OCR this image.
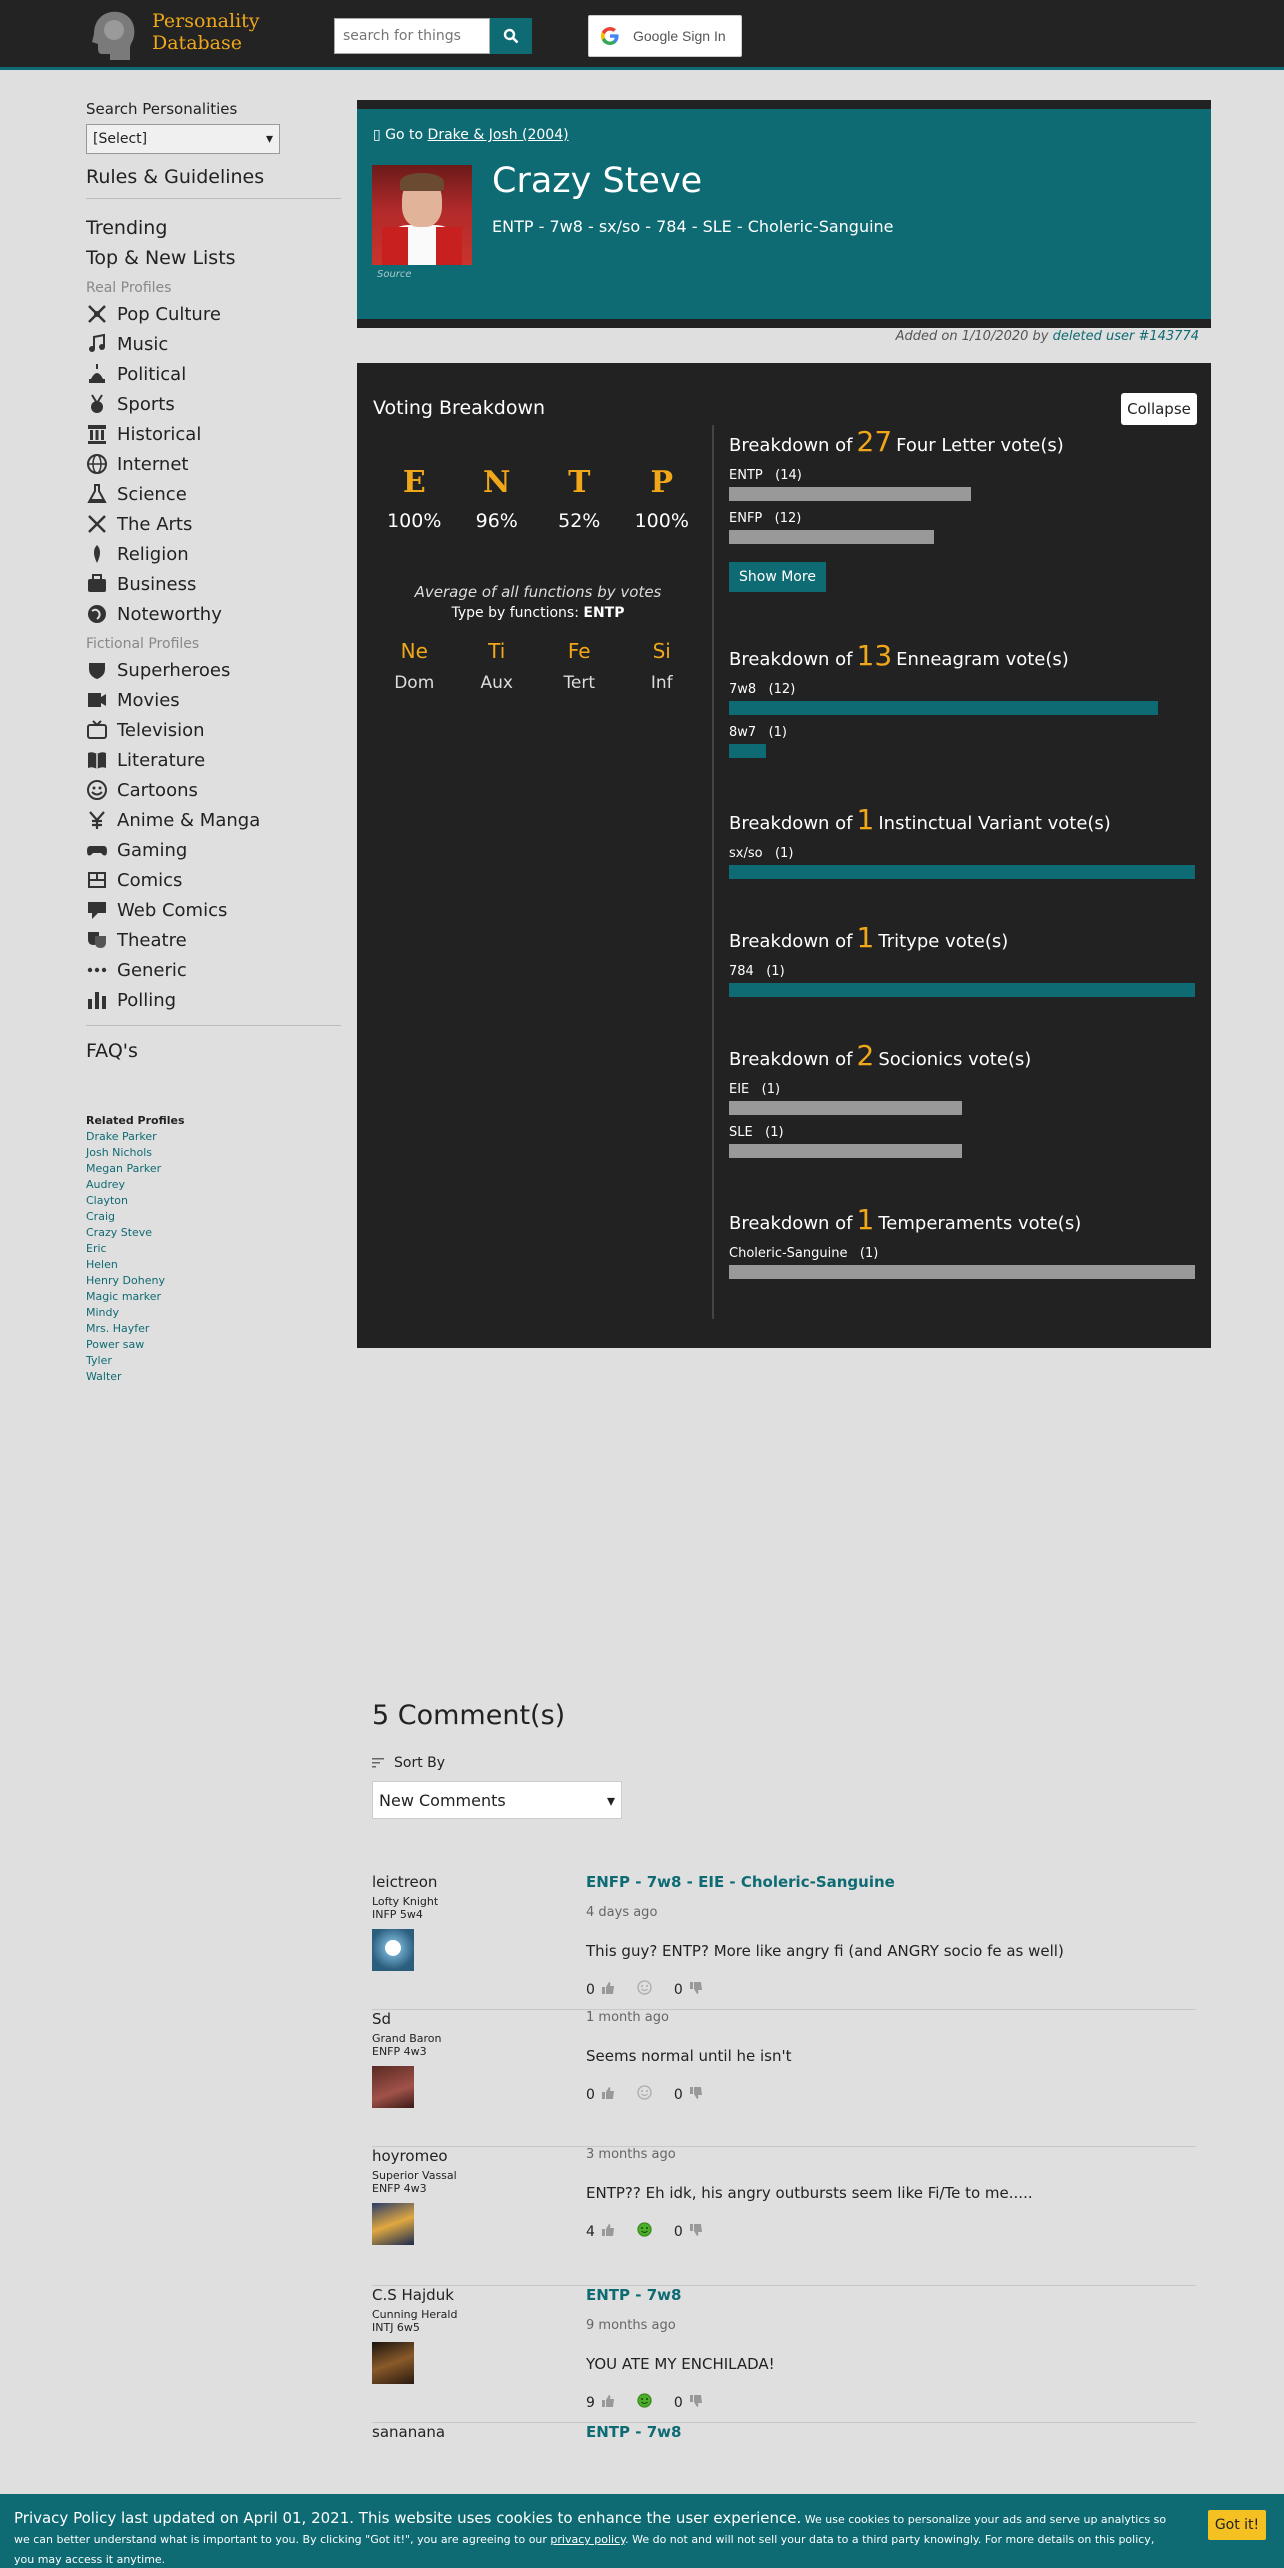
Personality
Database
search for things	Google Sign In
Search Personalities
[Select]	▾
Rules & Guidelines
Trending
Top & New Lists
Real Profiles
Pop Culture
Music
Political
Sports
Historical
Internet
Science
The Arts
Religion
Business
Noteworthy
Fictional Profiles
Superheroes
Movies
Television
Literature
Cartoons
Anime & Manga
Gaming
Comics
Web Comics
Theatre
Generic
Polling
FAQ's
Related Profiles
Drake Parker
Josh Nichols
Megan Parker
Audrey
Clayton
Craig
Crazy Steve
Eric
Helen
Henry Doheny
Magic marker
Mindy
Mrs. Hayfer
Power saw
Tyler
Walter
▯ Go to Drake & Josh (2004)
Source
Crazy Steve
ENTP - 7w8 - sx/so - 784 - SLE - Choleric-Sanguine
Added on 1/10/2020 by deleted user #143774
Voting Breakdown	Collapse
E
100%
N
96%
T
52%
P
100%
Average of all functions by votes
Type by functions: ENTP
Ne
Dom
Ti
Aux
Fe
Tert
Si
Inf
Breakdown of 27 Four Letter vote(s)
ENTP (14)
ENFP (12)
Show More
Breakdown of 13 Enneagram vote(s)
7w8 (12)
8w7 (1)
Breakdown of 1 Instinctual Variant vote(s)
sx/so (1)
Breakdown of 1 Tritype vote(s)
784 (1)
Breakdown of 2 Socionics vote(s)
EIE (1)
SLE (1)
Breakdown of 1 Temperaments vote(s)
Choleric-Sanguine (1)
5 Comment(s)
Sort By
New Comments	▾
leictreon
Lofty Knight
INFP 5w4
ENFP - 7w8 - EIE - Choleric-Sanguine
4 days ago
This guy? ENTP? More like angry fi (and ANGRY socio fe as well)
0	0
Sd
Grand Baron
ENFP 4w3
1 month ago
Seems normal until he isn't
0	0
hoyromeo
Superior Vassal
ENFP 4w3
3 months ago
ENTP?? Eh idk, his angry outbursts seem like Fi/Te to me.....
4	0
C.S Hajduk
Cunning Herald
INTJ 6w5
ENTP - 7w8
9 months ago
YOU ATE MY ENCHILADA!
9	0
sananana	ENTP - 7w8
Privacy Policy last updated on April 01, 2021. This website uses cookies to enhance the user experience. We use cookies to personalize your ads and serve up analytics so we can better understand what is important to you. By clicking "Got it!", you are agreeing to our privacy policy. We do not and will not sell your data to a third party knowingly. For more details on this policy, you may access it anytime.
Got it!
